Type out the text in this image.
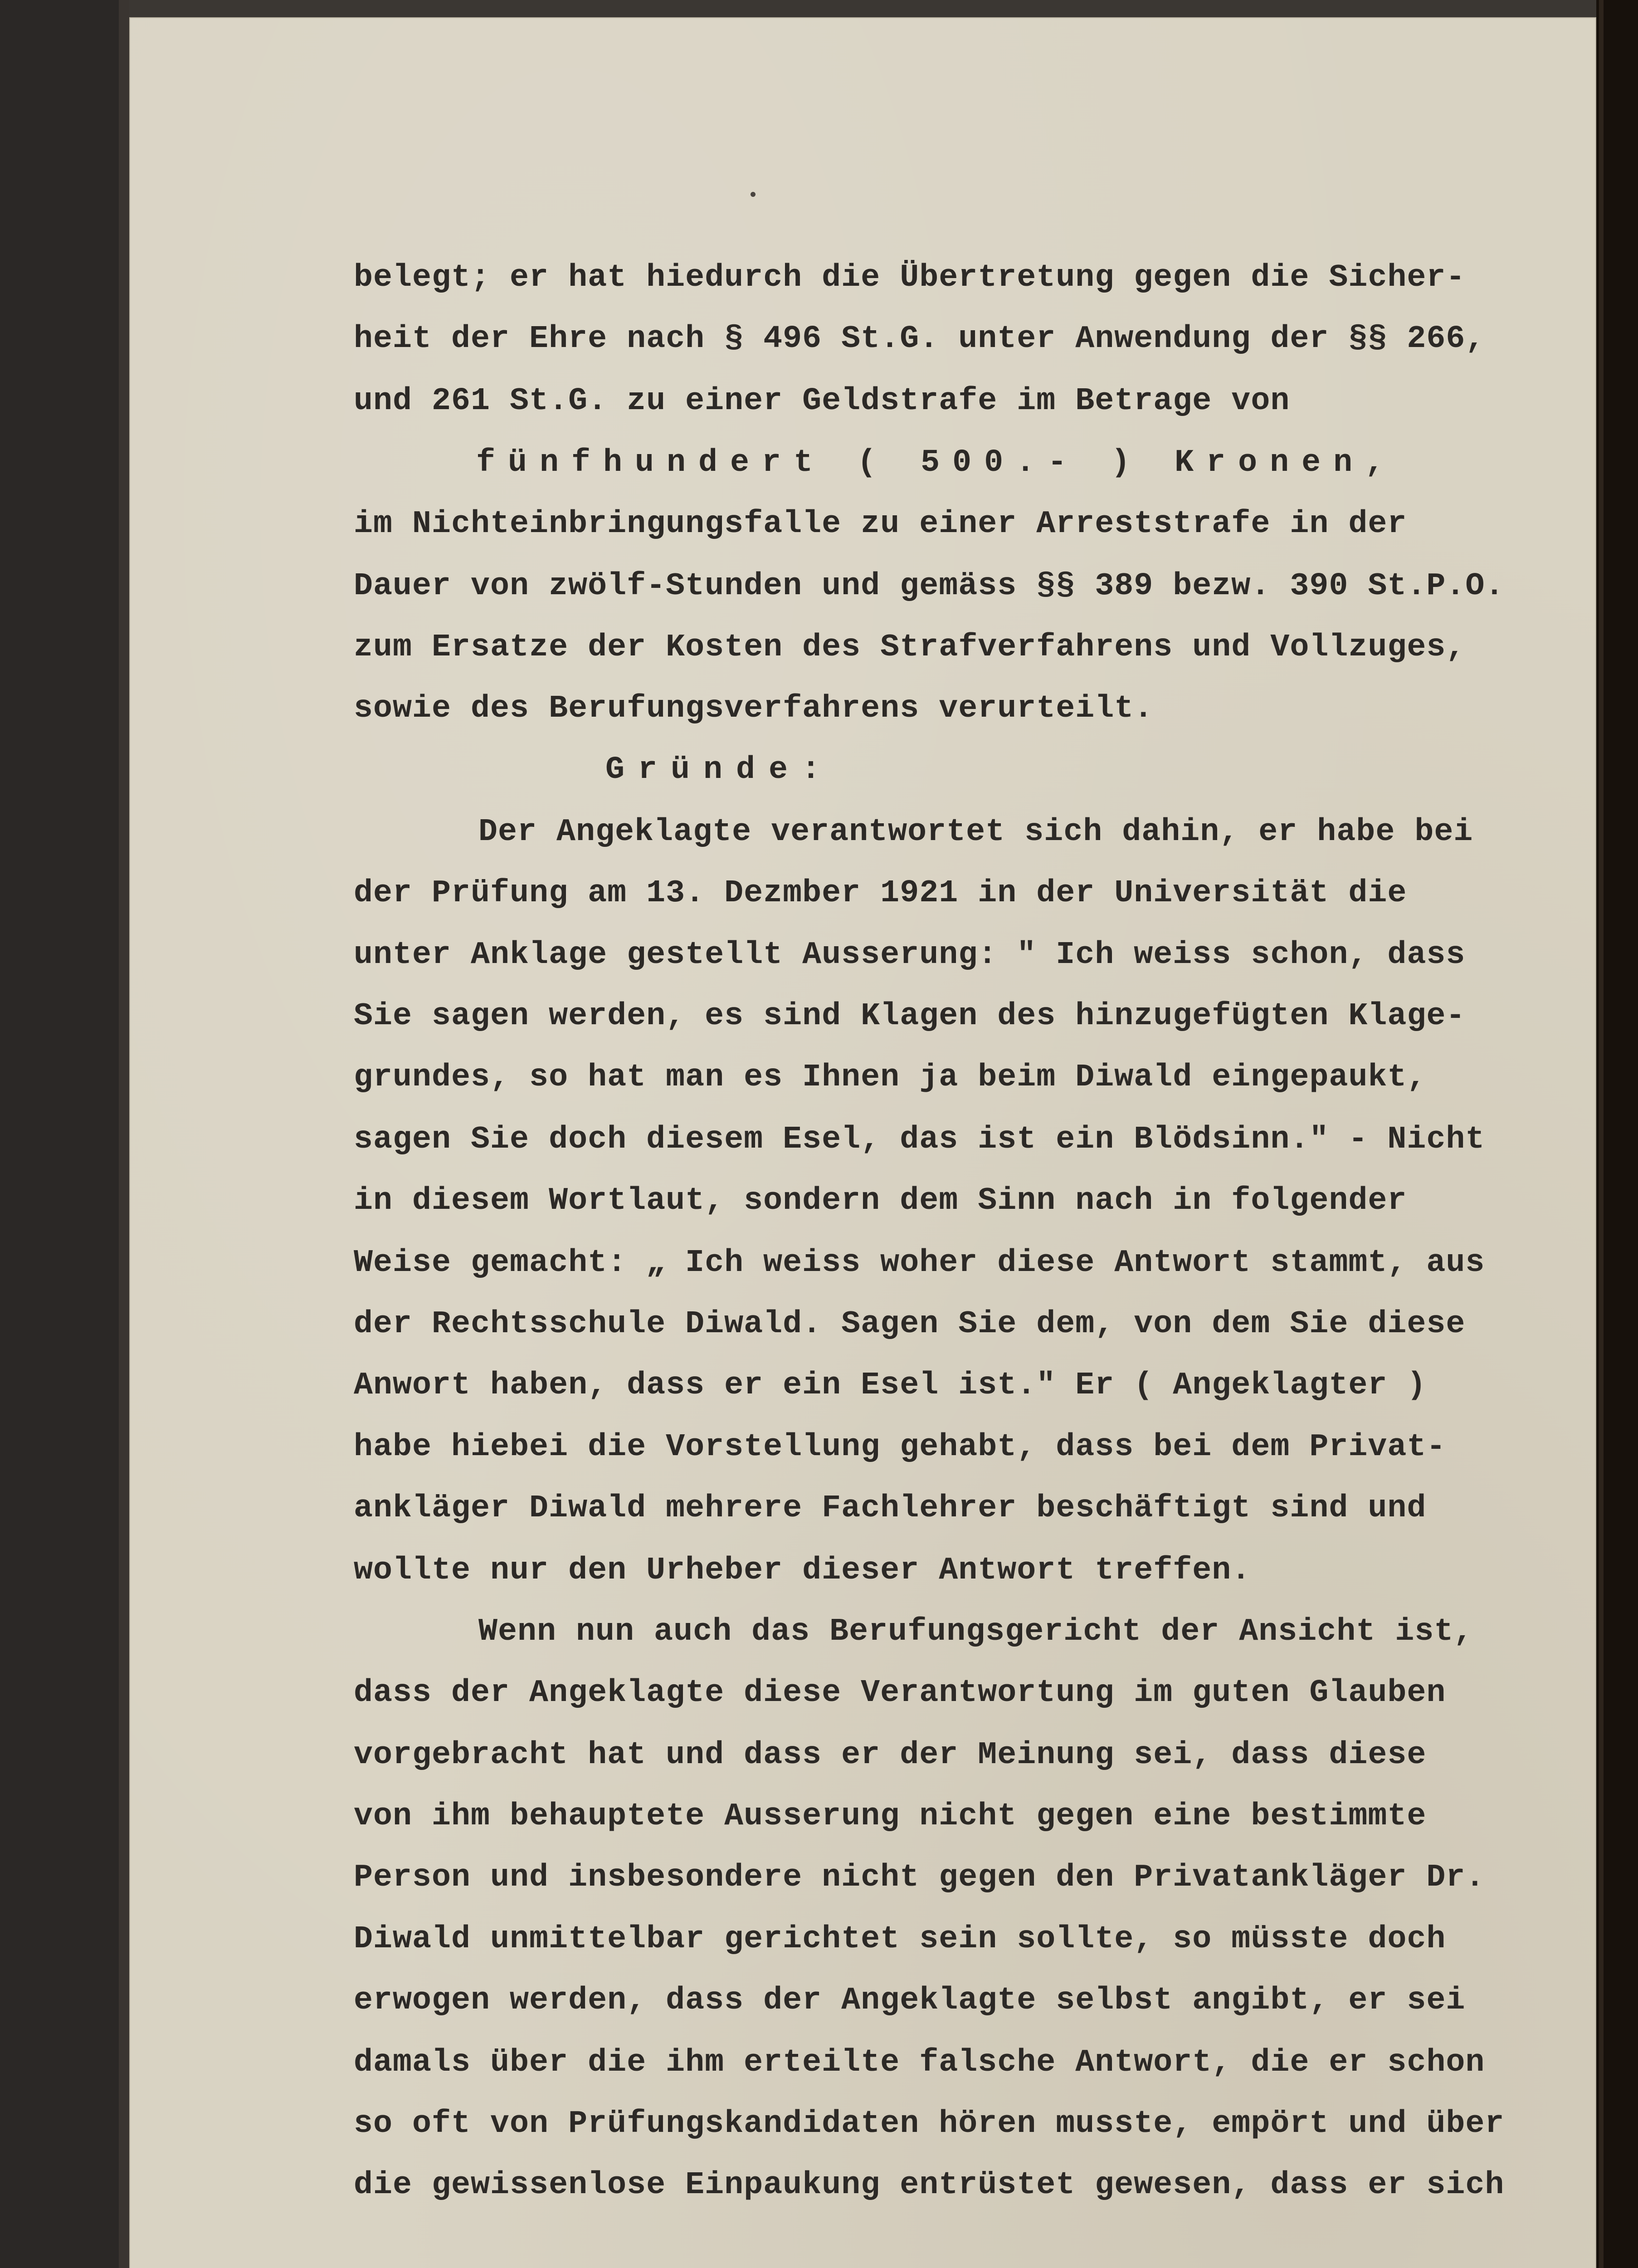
belegt; er hat hiedurch die Übertretung gegen die Sicher-
heit der Ehre nach § 496 St.G. unter Anwendung der §§ 266,
und 261 St.G. zu einer Geldstrafe im Betrage von
fünfhundert ( 500.- ) Kronen,
im Nichteinbringungsfalle zu einer Arreststrafe in der
Dauer von zwölf-Stunden und gemäss §§ 389 bezw. 390 St.P.O.
zum Ersatze der Kosten des Strafverfahrens und Vollzuges,
sowie des Berufungsverfahrens verurteilt.
Gründe:
Der Angeklagte verantwortet sich dahin, er habe bei
der Prüfung am 13. Dezmber 1921 in der Universität die
unter Anklage gestellt Ausserung: " Ich weiss schon, dass
Sie sagen werden, es sind Klagen des hinzugefügten Klage-
grundes, so hat man es Ihnen ja beim Diwald eingepaukt,
sagen Sie doch diesem Esel, das ist ein Blödsinn." - Nicht
in diesem Wortlaut, sondern dem Sinn nach in folgender
Weise gemacht: „ Ich weiss woher diese Antwort stammt, aus
der Rechtsschule Diwald. Sagen Sie dem, von dem Sie diese
Anwort haben, dass er ein Esel ist." Er ( Angeklagter )
habe hiebei die Vorstellung gehabt, dass bei dem Privat-
ankläger Diwald mehrere Fachlehrer beschäftigt sind und
wollte nur den Urheber dieser Antwort treffen.
Wenn nun auch das Berufungsgericht der Ansicht ist,
dass der Angeklagte diese Verantwortung im guten Glauben
vorgebracht hat und dass er der Meinung sei, dass diese
von ihm behauptete Ausserung nicht gegen eine bestimmte
Person und insbesondere nicht gegen den Privatankläger Dr.
Diwald unmittelbar gerichtet sein sollte, so müsste doch
erwogen werden, dass der Angeklagte selbst angibt, er sei
damals über die ihm erteilte falsche Antwort, die er schon
so oft von Prüfungskandidaten hören musste, empört und über
die gewissenlose Einpaukung entrüstet gewesen, dass er sich
